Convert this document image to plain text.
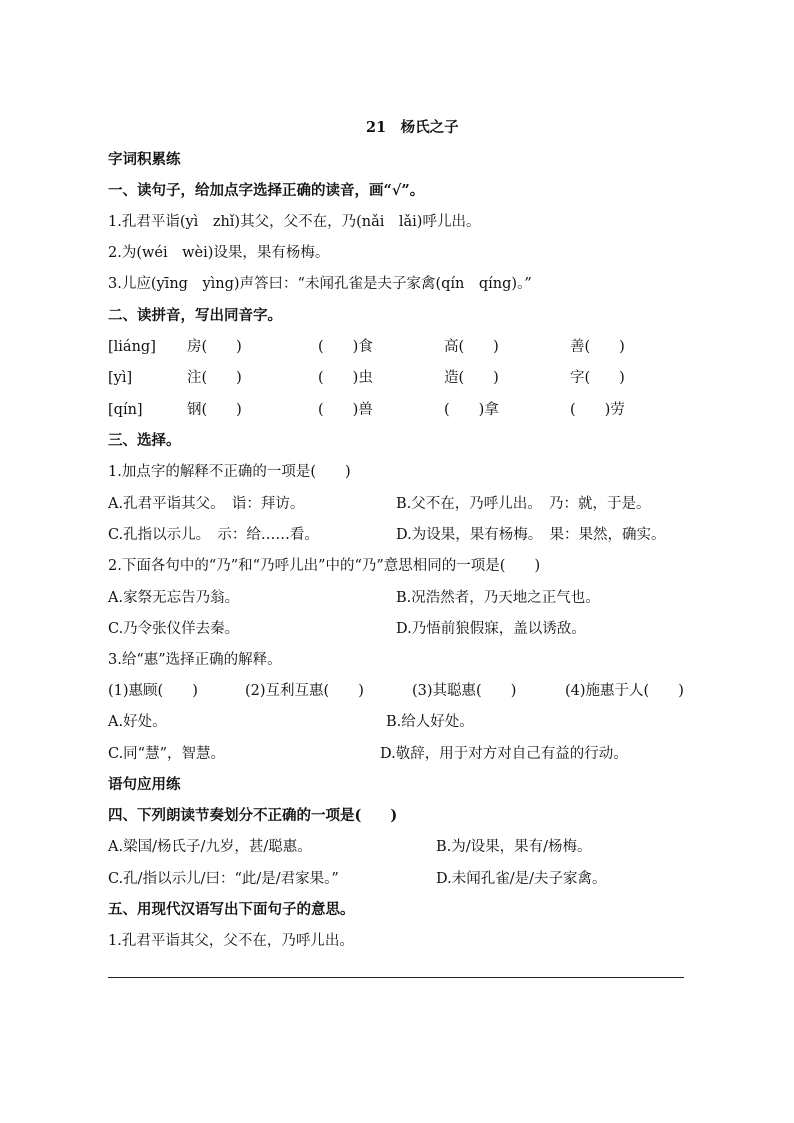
21　杨氏之子
字词积累练
一、读句子，给加点字选择正确的读音，画“√”。
1.孔君平诣(yì　zhǐ)其父，父不在，乃(nǎi　lǎi)呼儿出。
2.为(wéi　wèi)设果，果有杨梅。
3.儿应(yīng　yìng)声答曰：“未闻孔雀是夫子家禽(qín　qíng)。”
二、读拼音，写出同音字。
[liáng] 房(　　)	(　　)食	高(　　)	善(　　)
[yì]	注(　　)	(　　)虫	造(　　)	字(　　)
[qín]	钢(　　)	(　　)兽	(　　)拿	(　　)劳
三、选择。
1.加点字的解释不正确的一项是(　　)
A.孔君平诣其父。　诣：拜访。	B.父不在，乃呼儿出。　乃：就，于是。
C.孔指以示儿。　示：给……看。	D.为设果，果有杨梅。　果：果然，确实。
2.下面各句中的“乃”和“乃呼儿出”中的“乃”意思相同的一项是(　　)
A.家祭无忘告乃翁。	B.况浩然者，乃天地之正气也。
C.乃令张仪佯去秦。	D.乃悟前狼假寐，盖以诱敌。
3.给“惠”选择正确的解释。
(1)惠顾(　　)	(2)互利互惠(　　)	(3)其聪惠(　　)	(4)施惠于人(　　)
A.好处。	B.给人好处。
C.同“慧”，智慧。	D.敬辞，用于对方对自己有益的行动。
语句应用练
四、下列朗读节奏划分不正确的一项是(　　)
A.梁国/杨氏子/九岁，甚/聪惠。	B.为/设果，果有/杨梅。
C.孔/指以示儿/曰：“此/是/君家果。”	D.未闻孔雀/是/夫子家禽。
五、用现代汉语写出下面句子的意思。
1.孔君平诣其父，父不在，乃呼儿出。
